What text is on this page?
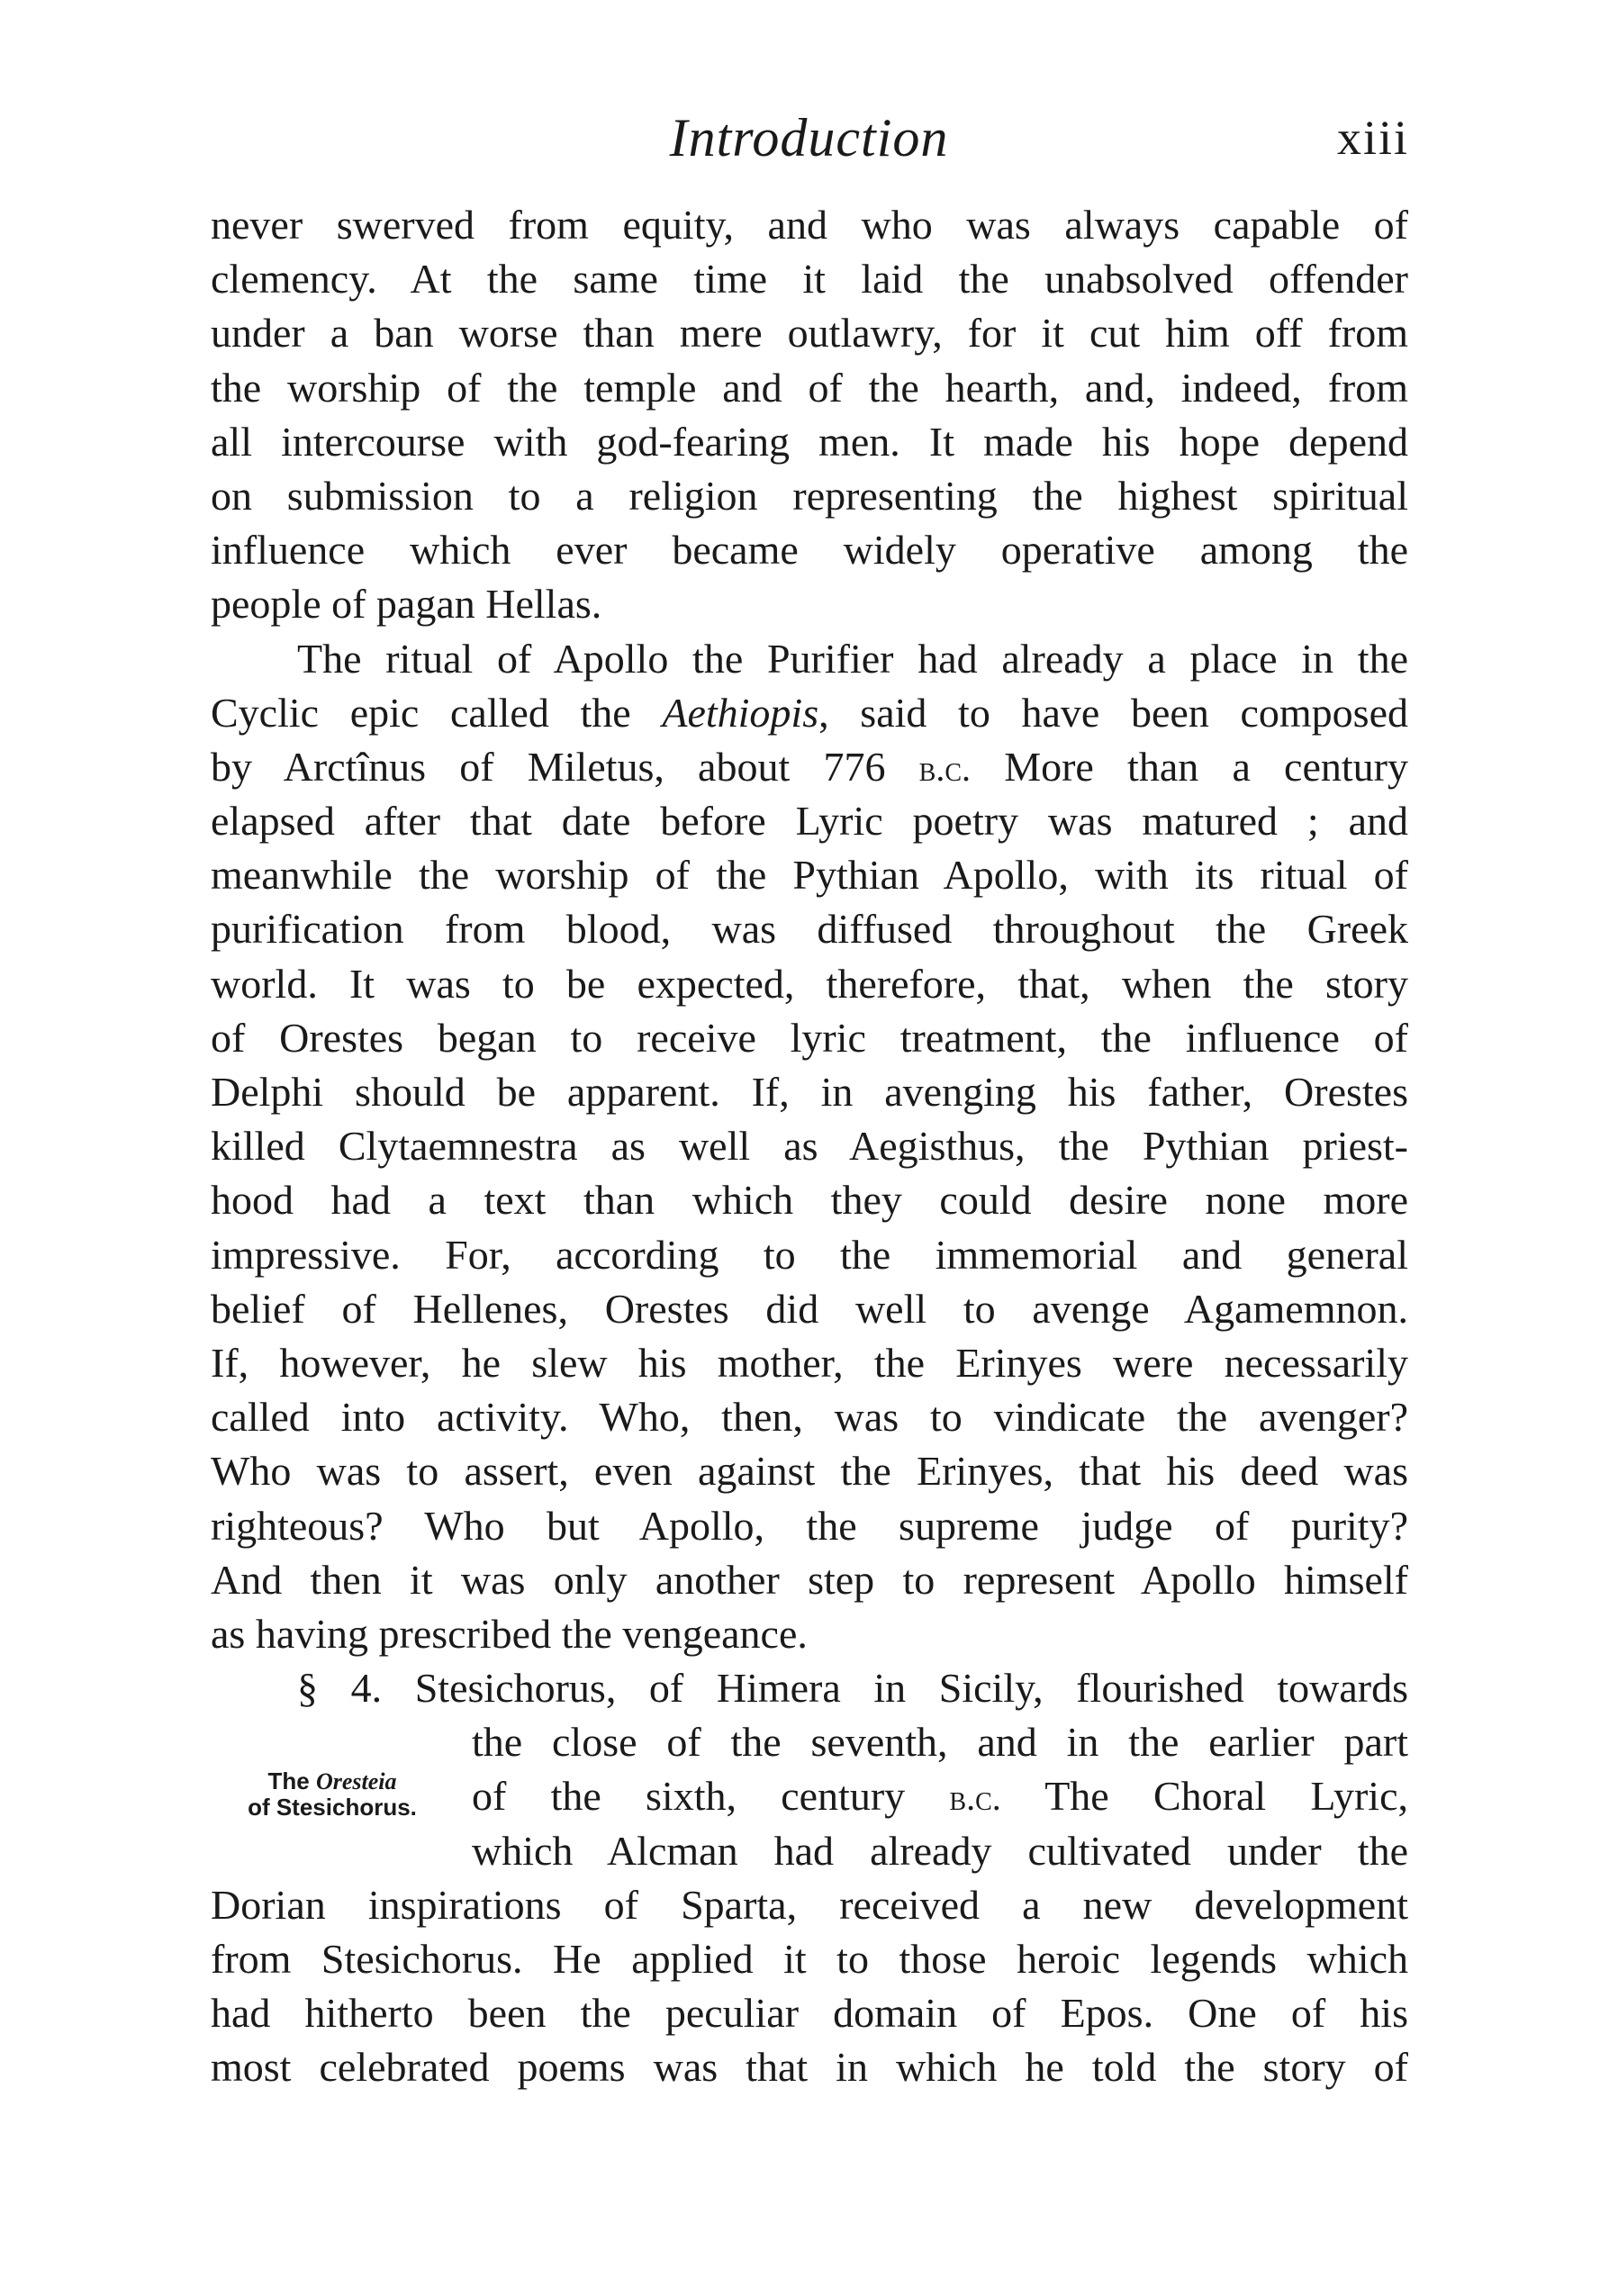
Introduction	xiii
never swerved from equity, and who was always capable of
clemency. At the same time it laid the unabsolved offender
under a ban worse than mere outlawry, for it cut him off from
the worship of the temple and of the hearth, and, indeed, from
all intercourse with god-fearing men. It made his hope depend
on submission to a religion representing the highest spiritual
influence which ever became widely operative among the
people of pagan Hellas.
The ritual of Apollo the Purifier had already a place in the
Cyclic epic called the Aethiopis, said to have been composed
by Arctînus of Miletus, about 776 b.c. More than a century
elapsed after that date before Lyric poetry was matured ; and
meanwhile the worship of the Pythian Apollo, with its ritual of
purification from blood, was diffused throughout the Greek
world. It was to be expected, therefore, that, when the story
of Orestes began to receive lyric treatment, the influence of
Delphi should be apparent. If, in avenging his father, Orestes
killed Clytaemnestra as well as Aegisthus, the Pythian priest-
hood had a text than which they could desire none more
impressive. For, according to the immemorial and general
belief of Hellenes, Orestes did well to avenge Agamemnon.
If, however, he slew his mother, the Erinyes were necessarily
called into activity. Who, then, was to vindicate the avenger?
Who was to assert, even against the Erinyes, that his deed was
righteous? Who but Apollo, the supreme judge of purity?
And then it was only another step to represent Apollo himself
as having prescribed the vengeance.
§ 4. Stesichorus, of Himera in Sicily, flourished towards
the close of the seventh, and in the earlier part
of the sixth, century b.c. The Choral Lyric,
which Alcman had already cultivated under the
Dorian inspirations of Sparta, received a new development
from Stesichorus. He applied it to those heroic legends which
had hitherto been the peculiar domain of Epos. One of his
most celebrated poems was that in which he told the story of
The Oresteia
of Stesichorus.
